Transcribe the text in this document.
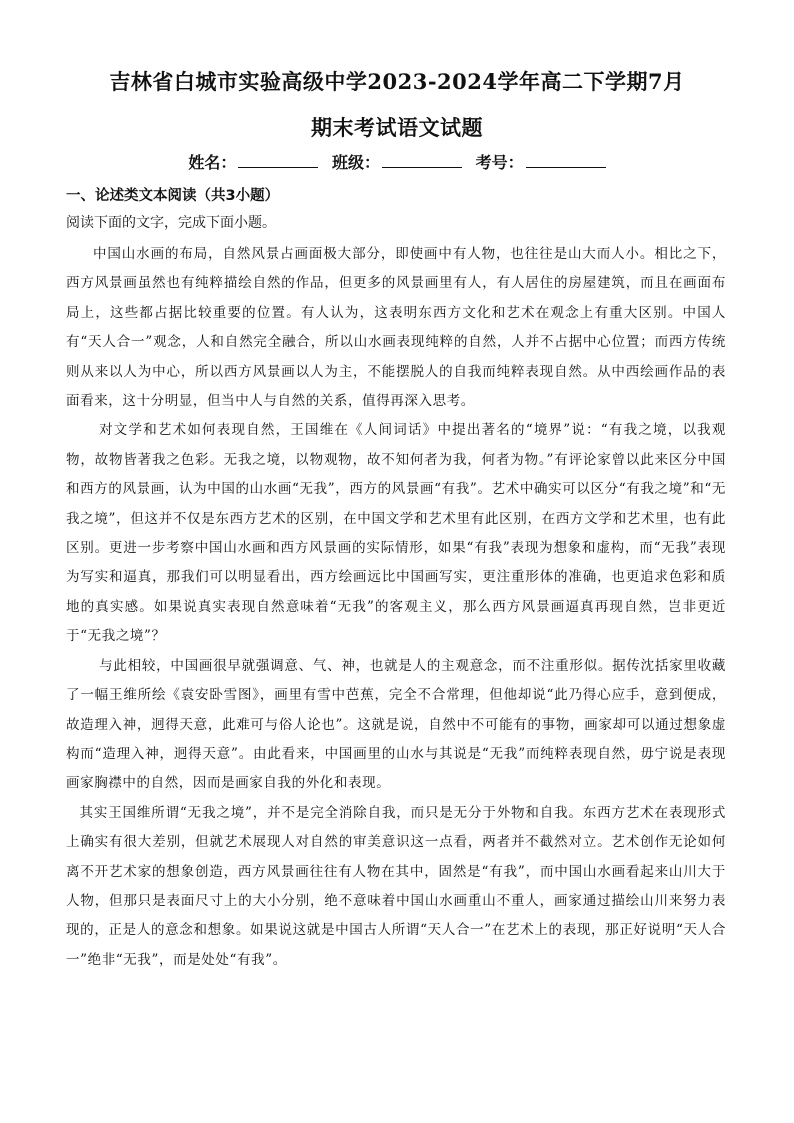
吉林省白城市实验高级中学2023-2024学年高二下学期7月
期末考试语文试题
姓名：	班级：	考号：
一、论述类文本阅读（共3小题）

阅读下面的文字，完成下面小题。

中国山水画的布局，自然风景占画面极大部分，即使画中有人物，也往往是山大而人小。相比之下，西方风景画虽然也有纯粹描绘自然的作品，但更多的风景画里有人，有人居住的房屋建筑，而且在画面布局上，这些都占据比较重要的位置。有人认为，这表明东西方文化和艺术在观念上有重大区别。中国人有“天人合一”观念，人和自然完全融合，所以山水画表现纯粹的自然，人并不占据中心位置；而西方传统则从来以人为中心，所以西方风景画以人为主，不能摆脱人的自我而纯粹表现自然。从中西绘画作品的表面看来，这十分明显，但当中人与自然的关系，值得再深入思考。

对文学和艺术如何表现自然，王国维在《人间词话》中提出著名的“境界”说：“有我之境，以我观物，故物皆著我之色彩。无我之境，以物观物，故不知何者为我，何者为物。”有评论家曾以此来区分中国和西方的风景画，认为中国的山水画“无我”，西方的风景画“有我”。艺术中确实可以区分“有我之境”和“无我之境”，但这并不仅是东西方艺术的区别，在中国文学和艺术里有此区别，在西方文学和艺术里，也有此区别。更进一步考察中国山水画和西方风景画的实际情形，如果“有我”表现为想象和虚构，而“无我”表现为写实和逼真，那我们可以明显看出，西方绘画远比中国画写实，更注重形体的准确，也更追求色彩和质地的真实感。如果说真实表现自然意味着“无我”的客观主义，那么西方风景画逼真再现自然，岂非更近于“无我之境”？

与此相较，中国画很早就强调意、气、神，也就是人的主观意念，而不注重形似。据传沈括家里收藏了一幅王维所绘《袁安卧雪图》，画里有雪中芭蕉，完全不合常理，但他却说“此乃得心应手，意到便成，故造理入神，迥得天意，此难可与俗人论也”。这就是说，自然中不可能有的事物，画家却可以通过想象虚构而“造理入神，迥得天意”。由此看来，中国画里的山水与其说是“无我”而纯粹表现自然，毋宁说是表现画家胸襟中的自然，因而是画家自我的外化和表现。

其实王国维所谓“无我之境”，并不是完全消除自我，而只是无分于外物和自我。东西方艺术在表现形式上确实有很大差别，但就艺术展现人对自然的审美意识这一点看，两者并不截然对立。艺术创作无论如何离不开艺术家的想象创造，西方风景画往往有人物在其中，固然是“有我”，而中国山水画看起来山川大于人物，但那只是表面尺寸上的大小分别，绝不意味着中国山水画重山不重人，画家通过描绘山川来努力表现的，正是人的意念和想象。如果说这就是中国古人所谓“天人合一”在艺术上的表现，那正好说明“天人合一”绝非“无我”，而是处处“有我”。
